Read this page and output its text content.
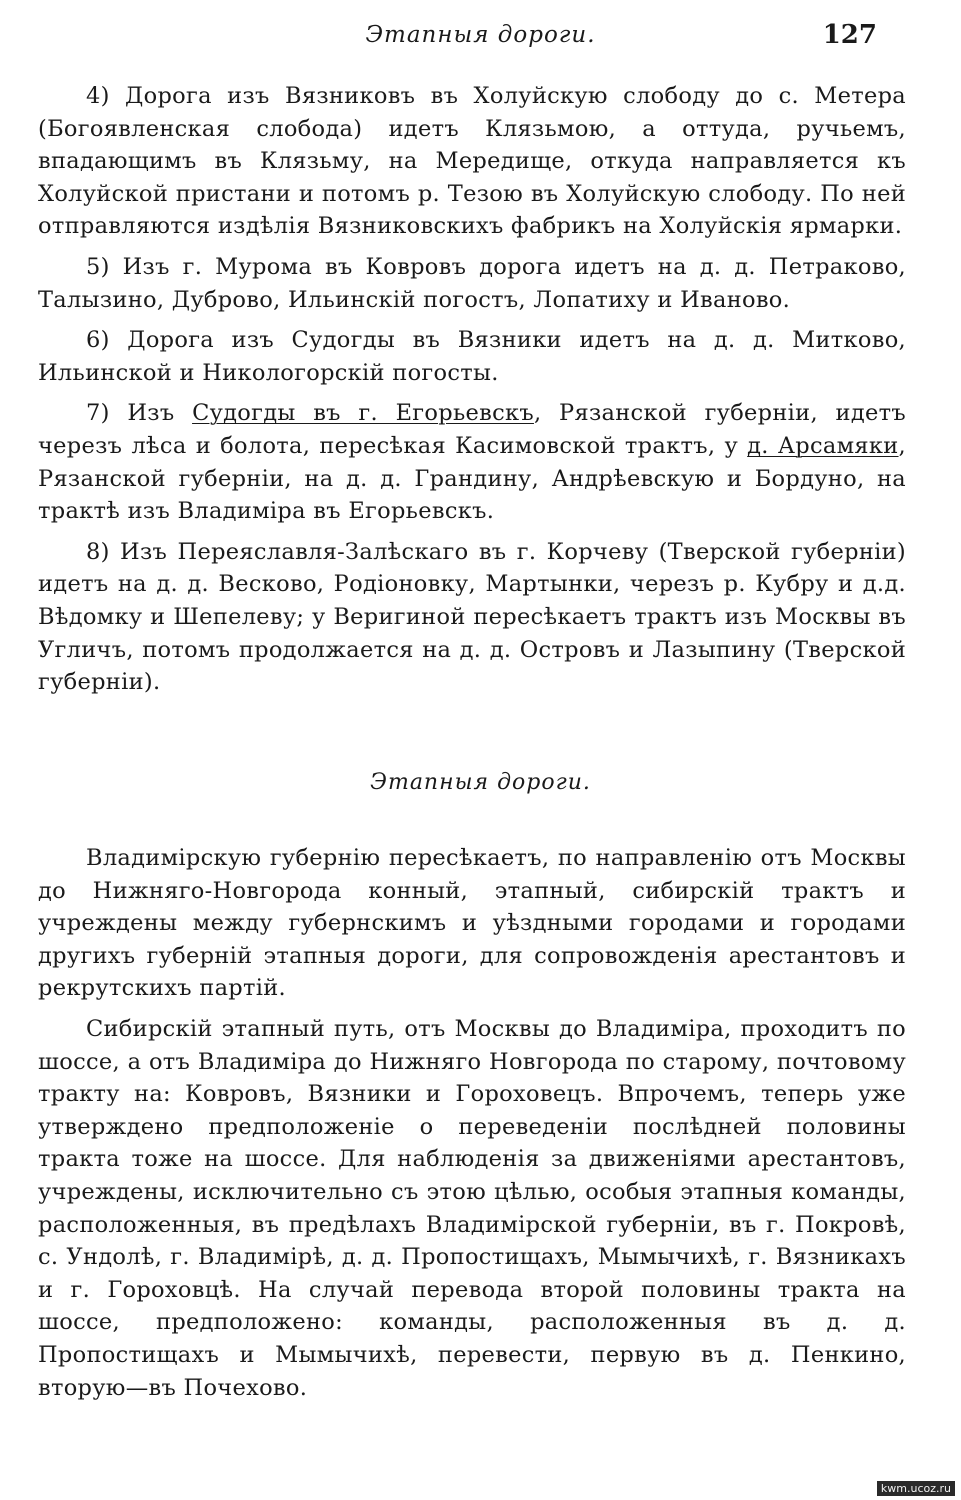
Этапныя дороги.	127

4) Дорога изъ Вязниковъ въ Холуйскую слободу до с. Метера (Богоявленская слобода) идетъ Клязьмою, а оттуда, ручьемъ, впадающимъ въ Клязьму, на Мередище, откуда направляется къ Холуйской пристани и потомъ р. Тезою въ Холуйскую слободу. По ней отправляются издѣлія Вязниковскихъ фабрикъ на Холуйскія ярмарки.

5) Изъ г. Мурома въ Ковровъ дорога идетъ на д. д. Петраково, Талызино, Дуброво, Ильинскій погостъ, Лопатиху и Иваново.

6) Дорога изъ Судогды въ Вязники идетъ на д. д. Митково, Ильинской и Никологорскій погосты.

7) Изъ Судогды въ г. Егорьевскъ, Рязанской губерніи, идетъ черезъ лѣса и болота, пересѣкая Касимовской трактъ, у д. Арсамяки, Рязанской губерніи, на д. д. Грандину, Андрѣевскую и Бордуно, на трактѣ изъ Владиміра въ Егорьевскъ.

8) Изъ Переяславля-Залѣскаго въ г. Корчеву (Тверской губерніи) идетъ на д. д. Весково, Родіоновку, Мартынки, черезъ р. Кубру и д.д. Вѣдомку и Шепелеву; у Веригиной пересѣкаетъ трактъ изъ Москвы въ Угличъ, потомъ продолжается на д. д. Островъ и Лазыпину (Тверской губерніи).

Этапныя дороги.

Владимірскую губернію пересѣкаетъ, по направленію отъ Москвы до Нижняго-Новгорода конный, этапный, сибирскій трактъ и учреждены между губернскимъ и уѣздными городами и городами другихъ губерній этапныя дороги, для сопровожденія арестантовъ и рекрутскихъ партій.

Сибирскій этапный путь, отъ Москвы до Владиміра, проходитъ по шоссе, а отъ Владиміра до Нижняго Новгорода по старому, почтовому тракту на: Ковровъ, Вязники и Гороховецъ. Впрочемъ, теперь уже утверждено предположеніе о переведеніи послѣдней половины тракта тоже на шоссе. Для наблюденія за движеніями арестантовъ, учреждены, исключительно съ этою цѣлью, особыя этапныя команды, расположенныя, въ предѣлахъ Владимірской губерніи, въ г. Покровѣ, с. Ундолѣ, г. Владимірѣ, д. д. Пропостищахъ, Мымычихѣ, г. Вязникахъ и г. Гороховцѣ. На случай перевода второй половины тракта на шоссе, предположено: команды, расположенныя въ д. д. Пропостищахъ и Мымычихѣ, перевести, первую въ д. Пенкино, вторую—въ Почехово.

kwm.ucoz.ru
